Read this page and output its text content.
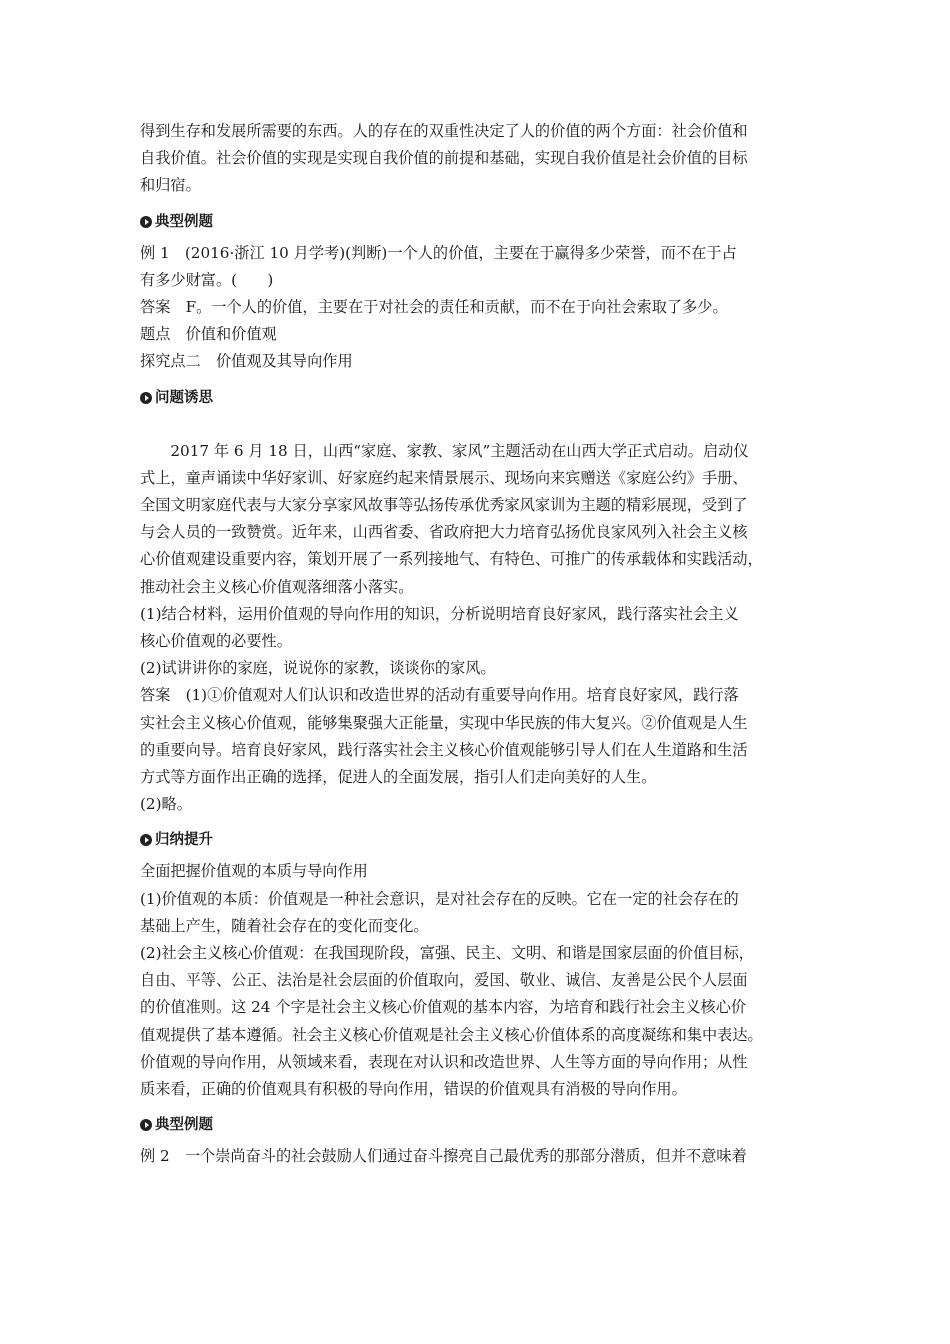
得到生存和发展所需要的东西。人的存在的双重性决定了人的价值的两个方面：社会价值和

自我价值。社会价值的实现是实现自我价值的前提和基础，实现自我价值是社会价值的目标

和归宿。

典型例题

例 1　(2016·浙江 10 月学考)(判断)一个人的价值，主要在于赢得多少荣誉，而不在于占

有多少财富。(　　)

答案　F。一个人的价值，主要在于对社会的责任和贡献，而不在于向社会索取了多少。

题点　价值和价值观

探究点二　价值观及其导向作用

问题诱思

2017 年 6 月 18 日，山西“家庭、家教、家风”主题活动在山西大学正式启动。启动仪

式上，童声诵读中华好家训、好家庭约起来情景展示、现场向来宾赠送《家庭公约》手册、

全国文明家庭代表与大家分享家风故事等弘扬传承优秀家风家训为主题的精彩展现，受到了

与会人员的一致赞赏。近年来，山西省委、省政府把大力培育弘扬优良家风列入社会主义核

心价值观建设重要内容，策划开展了一系列接地气、有特色、可推广的传承载体和实践活动，

推动社会主义核心价值观落细落小落实。

(1)结合材料，运用价值观的导向作用的知识，分析说明培育良好家风，践行落实社会主义

核心价值观的必要性。

(2)试讲讲你的家庭，说说你的家教，谈谈你的家风。

答案　(1)①价值观对人们认识和改造世界的活动有重要导向作用。培育良好家风，践行落

实社会主义核心价值观，能够集聚强大正能量，实现中华民族的伟大复兴。②价值观是人生

的重要向导。培育良好家风，践行落实社会主义核心价值观能够引导人们在人生道路和生活

方式等方面作出正确的选择，促进人的全面发展，指引人们走向美好的人生。

(2)略。

归纳提升

全面把握价值观的本质与导向作用

(1)价值观的本质：价值观是一种社会意识，是对社会存在的反映。它在一定的社会存在的

基础上产生，随着社会存在的变化而变化。

(2)社会主义核心价值观：在我国现阶段，富强、民主、文明、和谐是国家层面的价值目标，

自由、平等、公正、法治是社会层面的价值取向，爱国、敬业、诚信、友善是公民个人层面

的价值准则。这 24 个字是社会主义核心价值观的基本内容，为培育和践行社会主义核心价

值观提供了基本遵循。社会主义核心价值观是社会主义核心价值体系的高度凝练和集中表达。

价值观的导向作用，从领域来看，表现在对认识和改造世界、人生等方面的导向作用；从性

质来看，正确的价值观具有积极的导向作用，错误的价值观具有消极的导向作用。

典型例题

例 2　一个崇尚奋斗的社会鼓励人们通过奋斗擦亮自己最优秀的那部分潜质，但并不意味着
